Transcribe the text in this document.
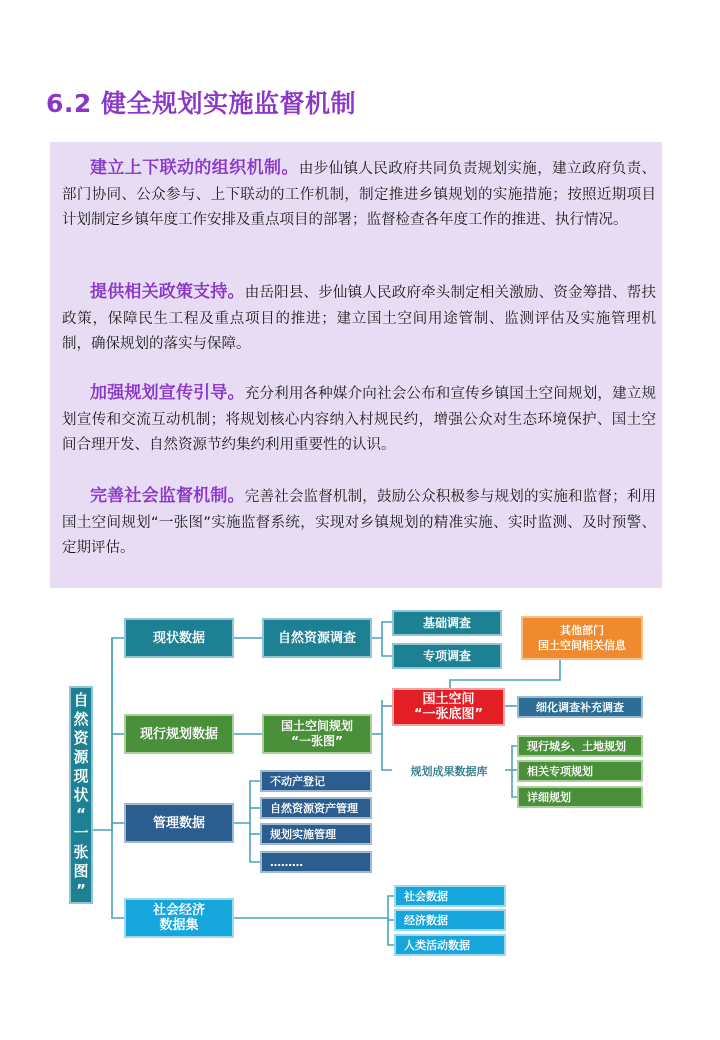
6.2 健全规划实施监督机制
建立上下联动的组织机制。由步仙镇人民政府共同负责规划实施，建立政府负责、部门协同、公众参与、上下联动的工作机制，制定推进乡镇规划的实施措施；按照近期项目计划制定乡镇年度工作安排及重点项目的部署；监督检查各年度工作的推进、执行情况。
提供相关政策支持。由岳阳县、步仙镇人民政府牵头制定相关激励、资金筹措、帮扶政策，保障民生工程及重点项目的推进；建立国土空间用途管制、监测评估及实施管理机制，确保规划的落实与保障。
加强规划宣传引导。充分利用各种媒介向社会公布和宣传乡镇国土空间规划，建立规划宣传和交流互动机制；将规划核心内容纳入村规民约，增强公众对生态环境保护、国土空间合理开发、自然资源节约集约利用重要性的认识。
完善社会监督机制。完善社会监督机制，鼓励公众积极参与规划的实施和监督；利用国土空间规划“一张图”实施监督系统，实现对乡镇规划的精准实施、实时监测、及时预警、定期评估。
自
然
资
源
现
状
“
一
张
图
”
现状数据	自然资源调查
基础调查
专项调查
其他部门
国土空间相关信息
国土空间
“一张底图”	细化调查补充调查
现行规划数据
国土空间规划
“一张图”
规划成果数据库
现行城乡、土地规划
相关专项规划
详细规划
管理数据
不动产登记
自然资源资产管理
规划实施管理
………
社会经济
数据集
社会数据
经济数据
人类活动数据
